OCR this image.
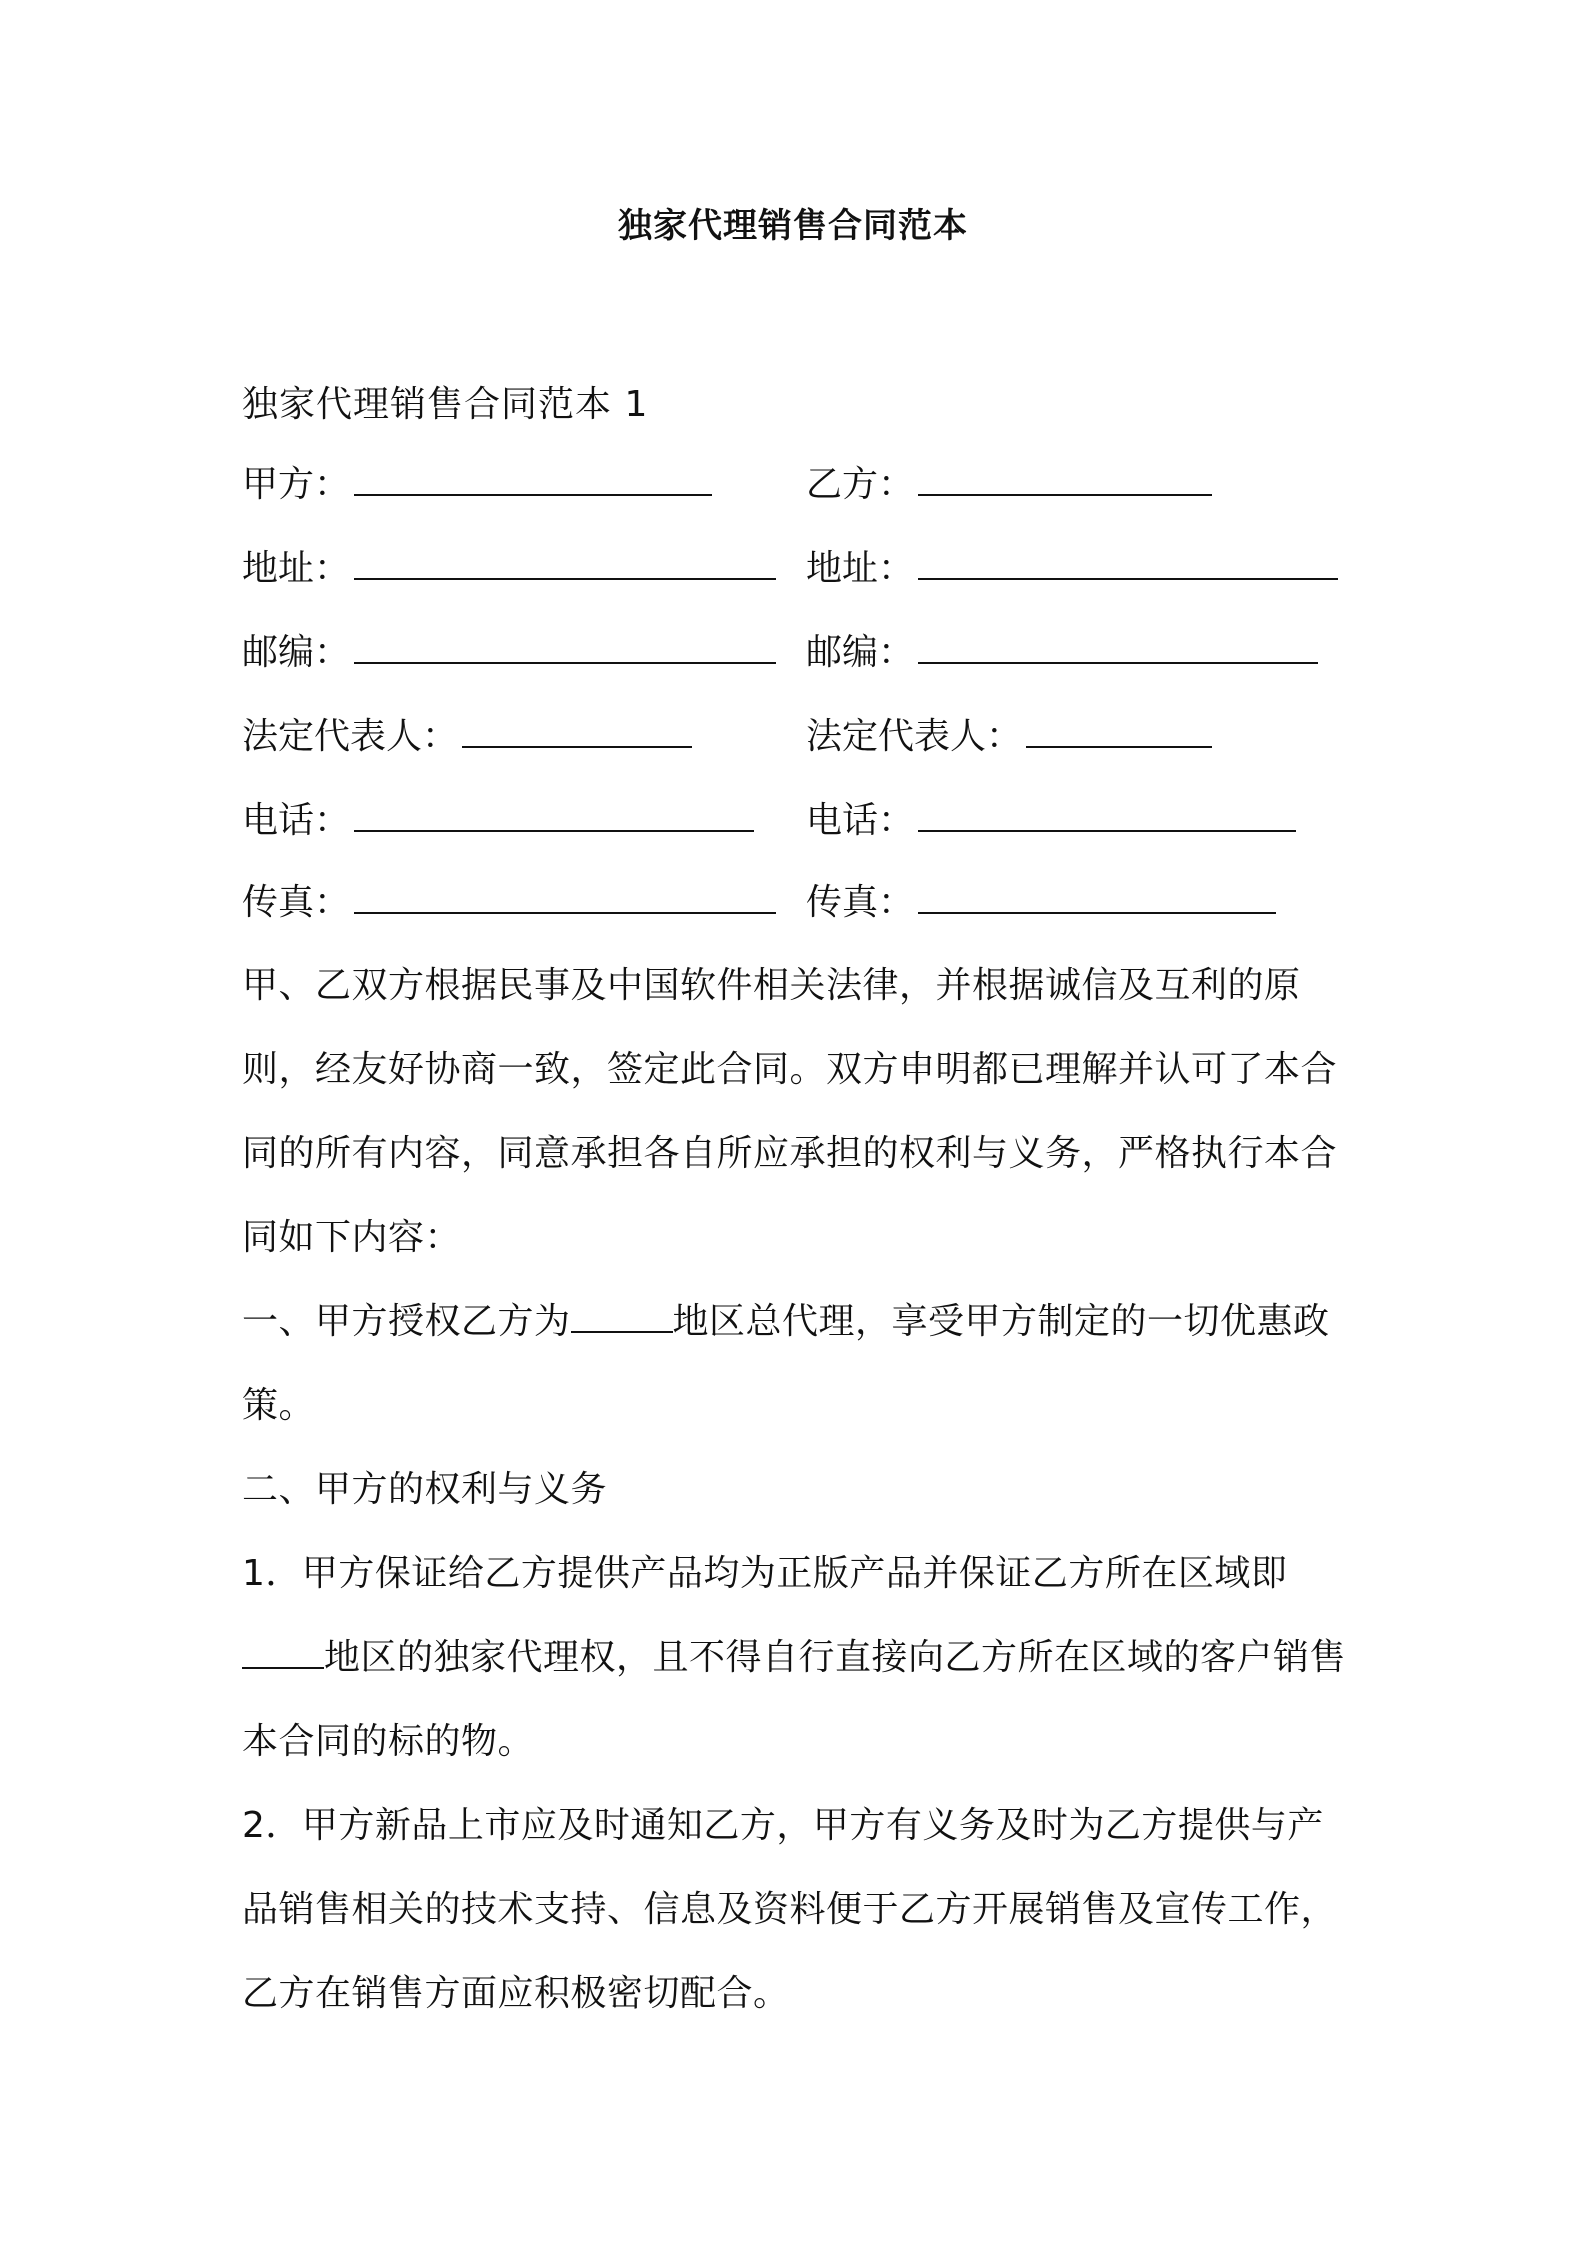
独家代理销售合同范本
独家代理销售合同范本 1
甲方：	乙方：
地址：	地址：
邮编：	邮编：
法定代表人：	法定代表人：
电话：	电话：
传真：	传真：

甲、乙双方根据民事及中国软件相关法律，并根据诚信及互利的原则，经友好协商一致，签定此合同。双方申明都已理解并认可了本合同的所有内容，同意承担各自所应承担的权利与义务，严格执行本合同如下内容：

一、甲方授权乙方为	地区总代理，享受甲方制定的一切优惠政策。

二、甲方的权利与义务

1．甲方保证给乙方提供产品均为正版产品并保证乙方所在区域即地区的独家代理权，且不得自行直接向乙方所在区域的客户销售本合同的标的物。

2．甲方新品上市应及时通知乙方，甲方有义务及时为乙方提供与产品销售相关的技术支持、信息及资料便于乙方开展销售及宣传工作，乙方在销售方面应积极密切配合。
